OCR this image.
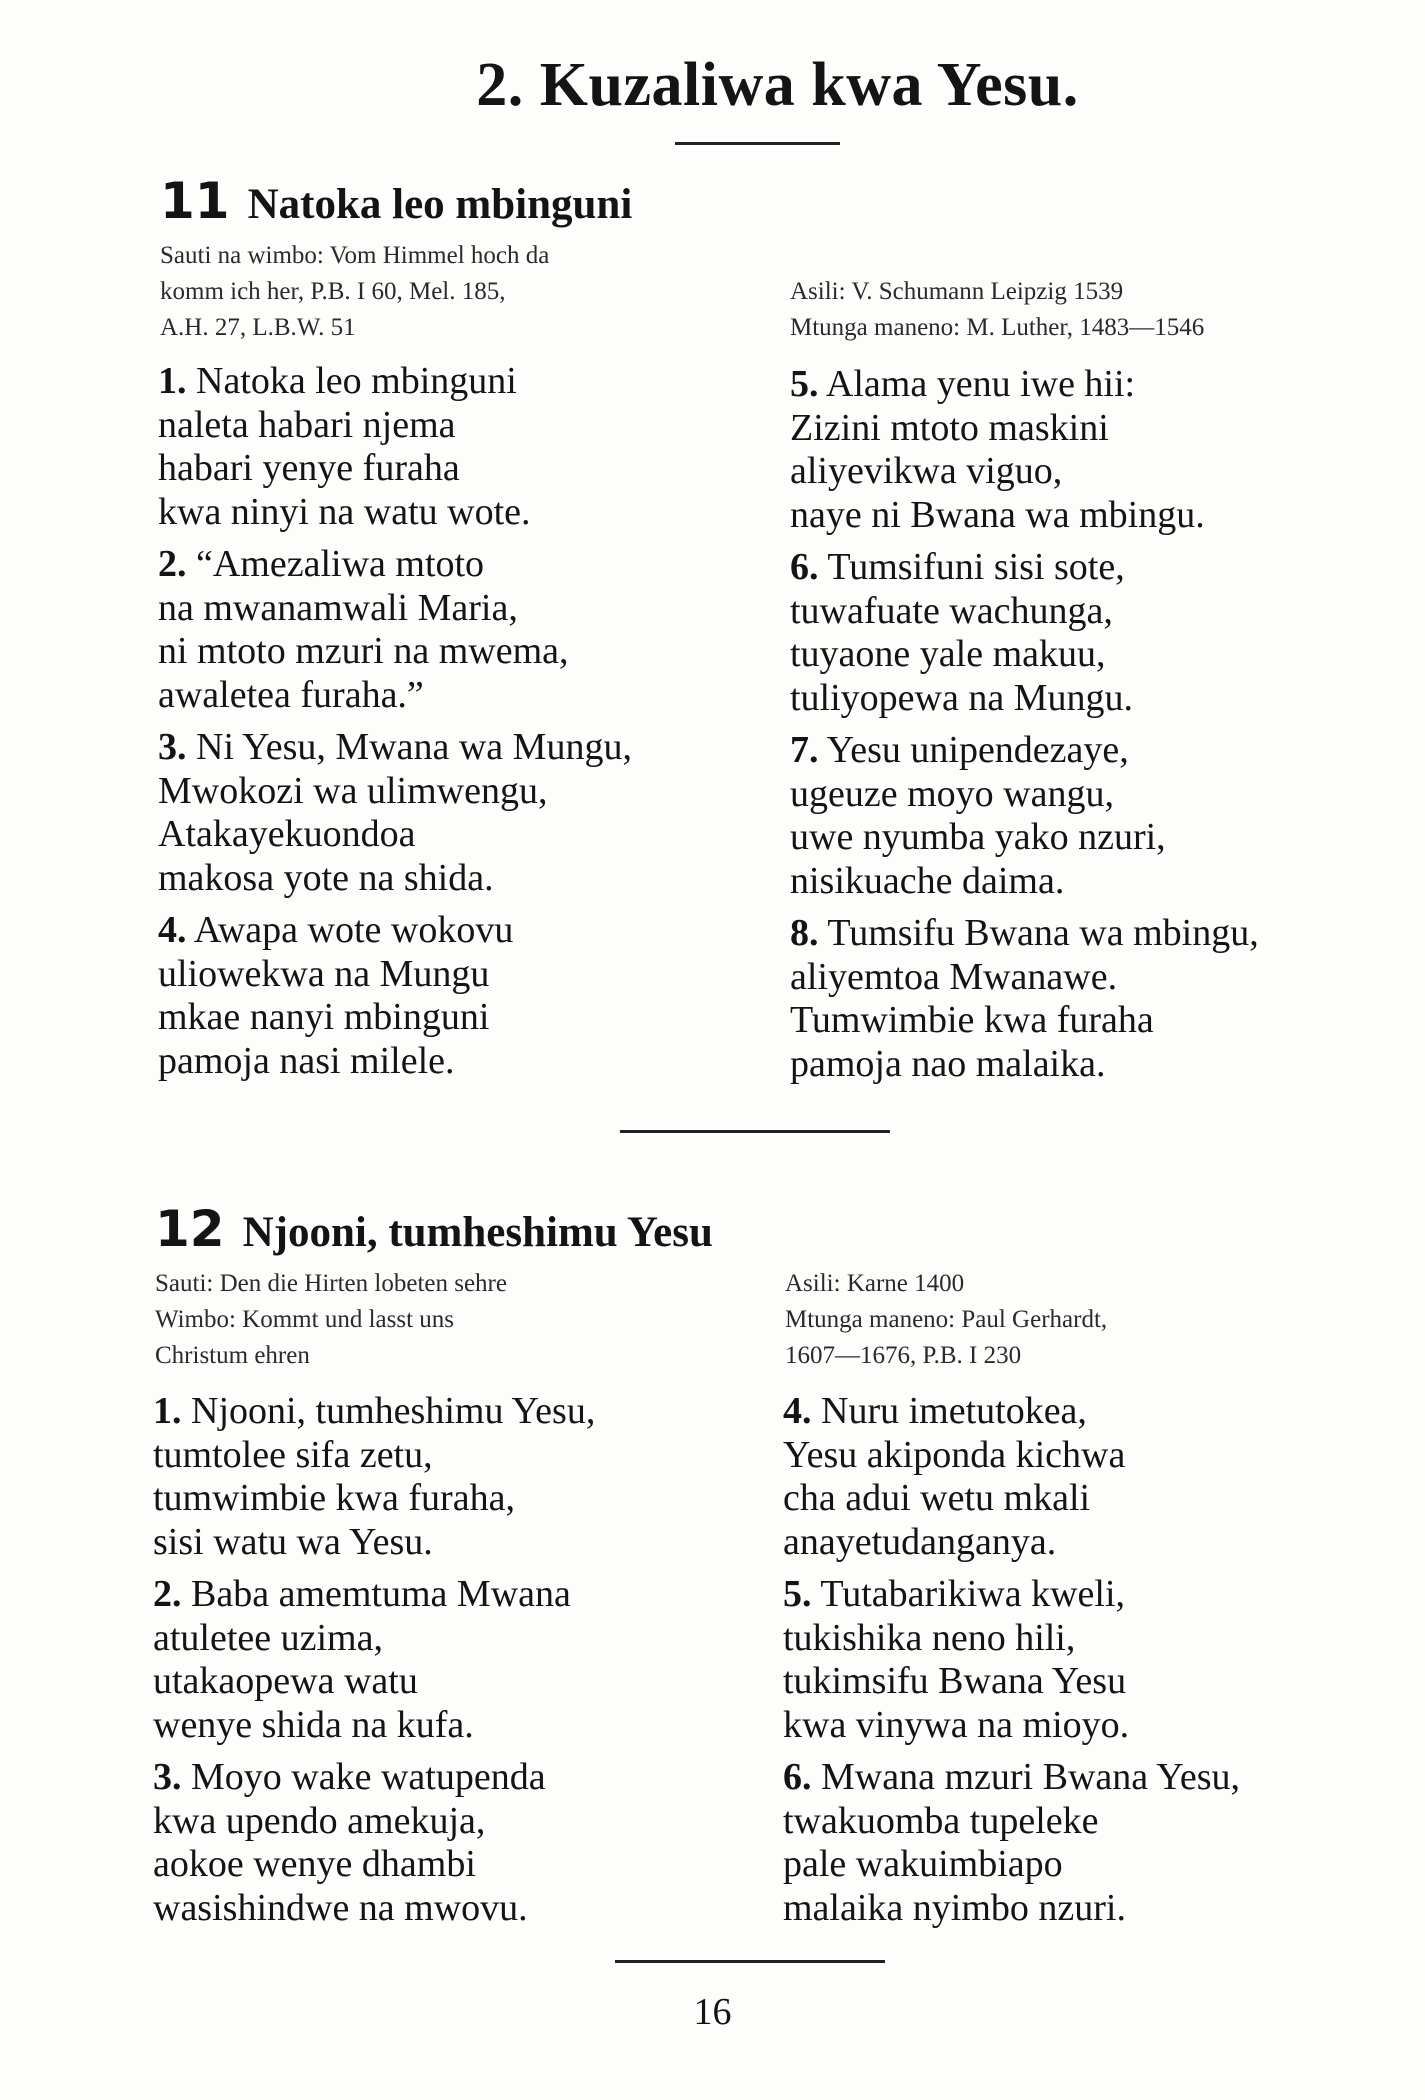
2. Kuzaliwa kwa Yesu.
11 Natoka leo mbinguni
Sauti na wimbo: Vom Himmel hoch da
komm ich her, P.B. I 60, Mel. 185,
A.H. 27, L.B.W. 51
Asili: V. Schumann Leipzig 1539
Mtunga maneno: M. Luther, 1483—1546
1. Natoka leo mbinguni
naleta habari njema
habari yenye furaha
kwa ninyi na watu wote.
2. “Amezaliwa mtoto
na mwanamwali Maria,
ni mtoto mzuri na mwema,
awaletea furaha.”
3. Ni Yesu, Mwana wa Mungu,
Mwokozi wa ulimwengu,
Atakayekuondoa
makosa yote na shida.
4. Awapa wote wokovu
uliowekwa na Mungu
mkae nanyi mbinguni
pamoja nasi milele.
5. Alama yenu iwe hii:
Zizini mtoto maskini
aliyevikwa viguo,
naye ni Bwana wa mbingu.
6. Tumsifuni sisi sote,
tuwafuate wachunga,
tuyaone yale makuu,
tuliyopewa na Mungu.
7. Yesu unipendezaye,
ugeuze moyo wangu,
uwe nyumba yako nzuri,
nisikuache daima.
8. Tumsifu Bwana wa mbingu,
aliyemtoa Mwanawe.
Tumwimbie kwa furaha
pamoja nao malaika.
12 Njooni, tumheshimu Yesu
Sauti: Den die Hirten lobeten sehre
Wimbo: Kommt und lasst uns
Christum ehren
Asili: Karne 1400
Mtunga maneno: Paul Gerhardt,
1607—1676, P.B. I 230
1. Njooni, tumheshimu Yesu,
tumtolee sifa zetu,
tumwimbie kwa furaha,
sisi watu wa Yesu.
2. Baba amemtuma Mwana
atuletee uzima,
utakaopewa watu
wenye shida na kufa.
3. Moyo wake watupenda
kwa upendo amekuja,
aokoe wenye dhambi
wasishindwe na mwovu.
4. Nuru imetutokea,
Yesu akiponda kichwa
cha adui wetu mkali
anayetudanganya.
5. Tutabarikiwa kweli,
tukishika neno hili,
tukimsifu Bwana Yesu
kwa vinywa na mioyo.
6. Mwana mzuri Bwana Yesu,
twakuomba tupeleke
pale wakuimbiapo
malaika nyimbo nzuri.
16
